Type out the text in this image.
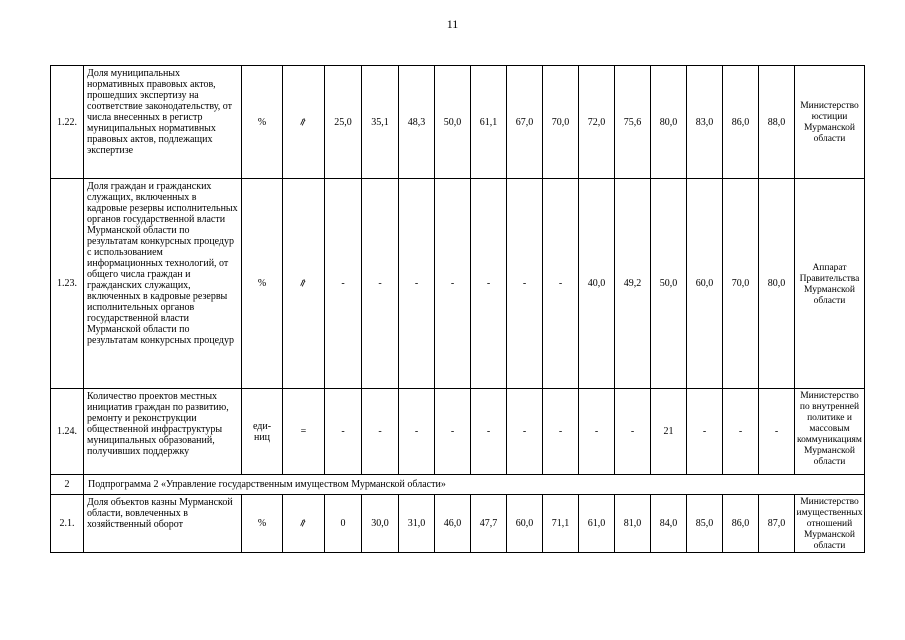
11
1.22.	Доля муниципальных нормативных правовых актов, прошедших экспертизу на соответствие законодательству, от числа внесенных в регистр муниципальных нормативных правовых актов, подлежащих экспертизе	%	⇗	25,0	35,1	48,3	50,0	61,1	67,0	70,0	72,0	75,6	80,0	83,0	86,0	88,0	Министерство юстиции Мурманской области
1.23.	Доля граждан и гражданских служащих, включенных в кадровые резервы исполнительных органов государственной власти Мурманской области по результатам конкурсных процедур с использованием информационных технологий, от общего числа граждан и гражданских служащих, включенных в кадровые резервы исполнительных органов государственной власти Мурманской области по результатам конкурсных процедур	%	⇗	-	-	-	-	-	-	-	40,0	49,2	50,0	60,0	70,0	80,0	Аппарат Правительства Мурманской области
1.24.	Количество проектов местных инициатив граждан по развитию, ремонту и реконструкции общественной инфраструктуры муниципальных образований, получивших поддержку	еди-ниц	=	-	-	-	-	-	-	-	-	-	21	-	-	-	Министерство по внутренней политике и массовым коммуникациям Мурманской области
2	Подпрограмма 2 «Управление государственным имуществом Мурманской области»																
2.1.	Доля объектов казны Мурманской области, вовлеченных в хозяйственный оборот	%	⇗	0	30,0	31,0	46,0	47,7	60,0	71,1	61,0	81,0	84,0	85,0	86,0	87,0	Министерство имущественных отношений Мурманской области
